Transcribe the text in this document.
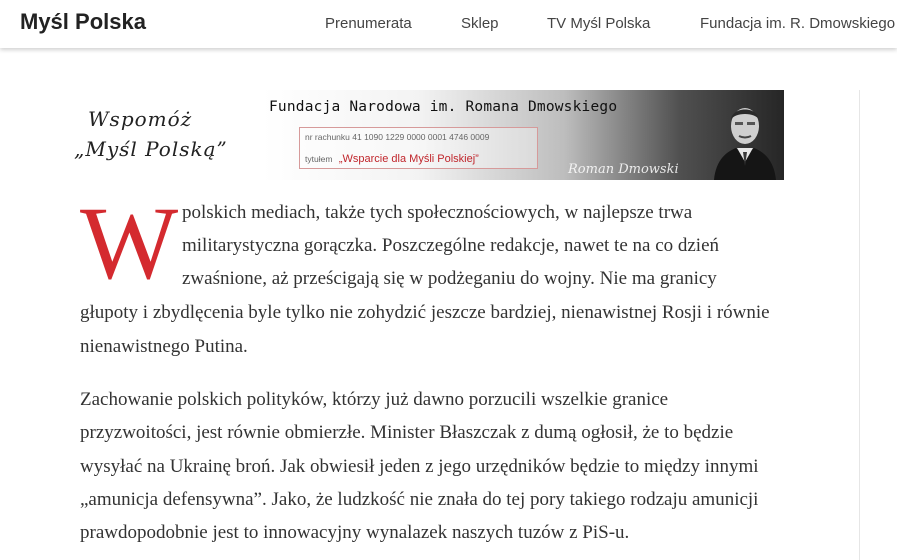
Myśl Polska	Prenumerata	Sklep	TV Myśl Polska	Fundacja im. R. Dmowskiego
Wspomóż
„Myśl Polską”
Fundacja Narodowa im. Romana Dmowskiego
nr rachunku 41 1090 1229 0000 0001 4746 0009
tytułem „Wsparcie dla Myśli Polskiej”
Roman Dmowski
W polskich mediach, także tych społecznościowych, w najlepsze trwa
militarystyczna gorączka. Poszczególne redakcje, nawet te na co dzień
zwaśnione, aż prześcigają się w podżeganiu do wojny. Nie ma granicy
głupoty i zbydlęcenia byle tylko nie zohydzić jeszcze bardziej, nienawistnej Rosji i równie
nienawistnego Putina.
Zachowanie polskich polityków, którzy już dawno porzucili wszelkie granice
przyzwoitości, jest równie obmierzłe. Minister Błaszczak z dumą ogłosił, że to będzie
wysyłać na Ukrainę broń. Jak obwiesił jeden z jego urzędników będzie to między innymi
„amunicja defensywna”. Jako, że ludzkość nie znała do tej pory takiego rodzaju amunicji
prawdopodobnie jest to innowacyjny wynalazek naszych tuzów z PiS-u.
